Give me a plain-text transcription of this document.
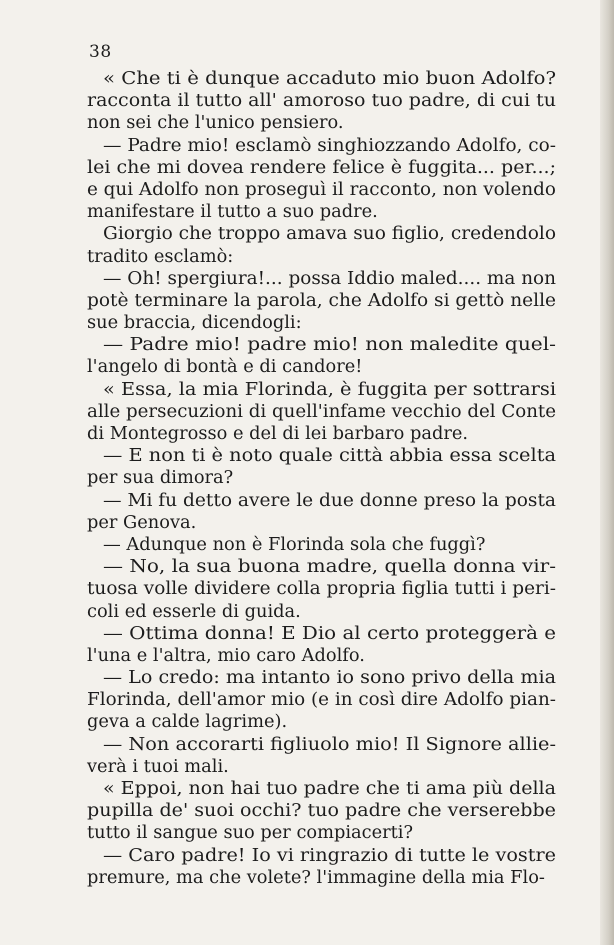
38
« Che ti è dunque accaduto mio buon Adolfo?
racconta il tutto all' amoroso tuo padre, di cui tu
non sei che l'unico pensiero.
— Padre mio! esclamò singhiozzando Adolfo, co-
lei che mi dovea rendere felice è fuggita... per...;
e qui Adolfo non proseguì il racconto, non volendo
manifestare il tutto a suo padre.
Giorgio che troppo amava suo figlio, credendolo
tradito esclamò:
— Oh! spergiura!... possa Iddio maled.... ma non
potè terminare la parola, che Adolfo si gettò nelle
sue braccia, dicendogli:
— Padre mio! padre mio! non maledite quel-
l'angelo di bontà e di candore!
« Essa, la mia Florinda, è fuggita per sottrarsi
alle persecuzioni di quell'infame vecchio del Conte
di Montegrosso e del di lei barbaro padre.
— E non ti è noto quale città abbia essa scelta
per sua dimora?
— Mi fu detto avere le due donne preso la posta
per Genova.
— Adunque non è Florinda sola che fuggì?
— No, la sua buona madre, quella donna vir-
tuosa volle dividere colla propria figlia tutti i peri-
coli ed esserle di guida.
— Ottima donna! E Dio al certo proteggerà e
l'una e l'altra, mio caro Adolfo.
— Lo credo: ma intanto io sono privo della mia
Florinda, dell'amor mio (e in così dire Adolfo pian-
geva a calde lagrime).
— Non accorarti figliuolo mio! Il Signore allie-
verà i tuoi mali.
« Eppoi, non hai tuo padre che ti ama più della
pupilla de' suoi occhi? tuo padre che verserebbe
tutto il sangue suo per compiacerti?
— Caro padre! Io vi ringrazio di tutte le vostre
premure, ma che volete? l'immagine della mia Flo-
